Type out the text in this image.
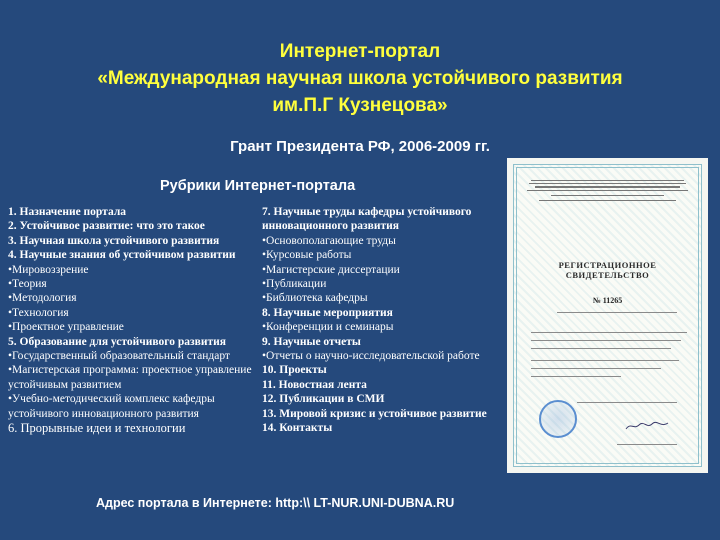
Интернет-портал
«Международная научная школа устойчивого развития
им.П.Г Кузнецова»
Грант Президента РФ, 2006-2009 гг.
Рубрики Интернет-портала
1. Назначение портала
2. Устойчивое развитие: что это такое
3. Научная школа устойчивого развития
4. Научные знания об устойчивом развитии
•Мировоззрение
•Теория
•Методология
•Технология
•Проектное управление
5. Образование для устойчивого развития
•Государственный образовательный стандарт
•Магистерская программа: проектное управление устойчивым развитием
•Учебно-методический комплекс кафедры устойчивого инновационного развития
6. Прорывные идеи и технологии
7. Научные труды кафедры устойчивого инновационного развития
•Основополагающие труды
•Курсовые работы
•Магистерские диссертации
•Публикации
•Библиотека кафедры
8. Научные мероприятия
•Конференции и семинары
9. Научные отчеты
•Отчеты о научно-исследовательской работе
10. Проекты
11. Новостная лента
12. Публикации в СМИ
13. Мировой кризис и устойчивое развитие
14. Контакты
РЕГИСТРАЦИОННОЕ СВИДЕТЕЛЬСТВО
№ 11265
Адрес портала в Интернете: http:\\ LT-NUR.UNI-DUBNA.RU
